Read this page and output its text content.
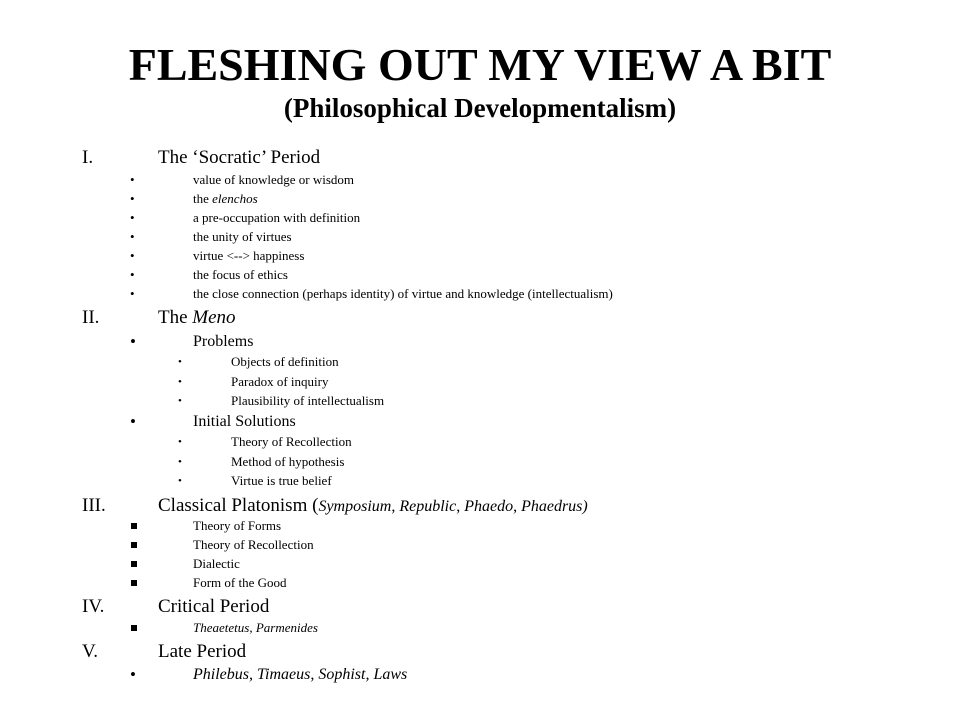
FLESHING OUT MY VIEW A BIT
(Philosophical Developmentalism)
I.	The ‘Socratic’ Period
•	value of knowledge or wisdom
•	the elenchos
•	a pre-occupation with definition
•	the unity of virtues
•	virtue <--> happiness
•	the focus of ethics
•	the close connection (perhaps identity) of virtue and knowledge (intellectualism)
II.	The Meno
•	Problems
•	Objects of definition
•	Paradox of inquiry
•	Plausibility of intellectualism
•	Initial Solutions
•	Theory of Recollection
•	Method of hypothesis
•	Virtue is true belief
III.	Classical Platonism (Symposium, Republic, Phaedo, Phaedrus)
Theory of Forms
Theory of Recollection
Dialectic
Form of the Good
IV.	Critical Period
Theaetetus, Parmenides
V.	Late Period
•	Philebus, Timaeus, Sophist, Laws
